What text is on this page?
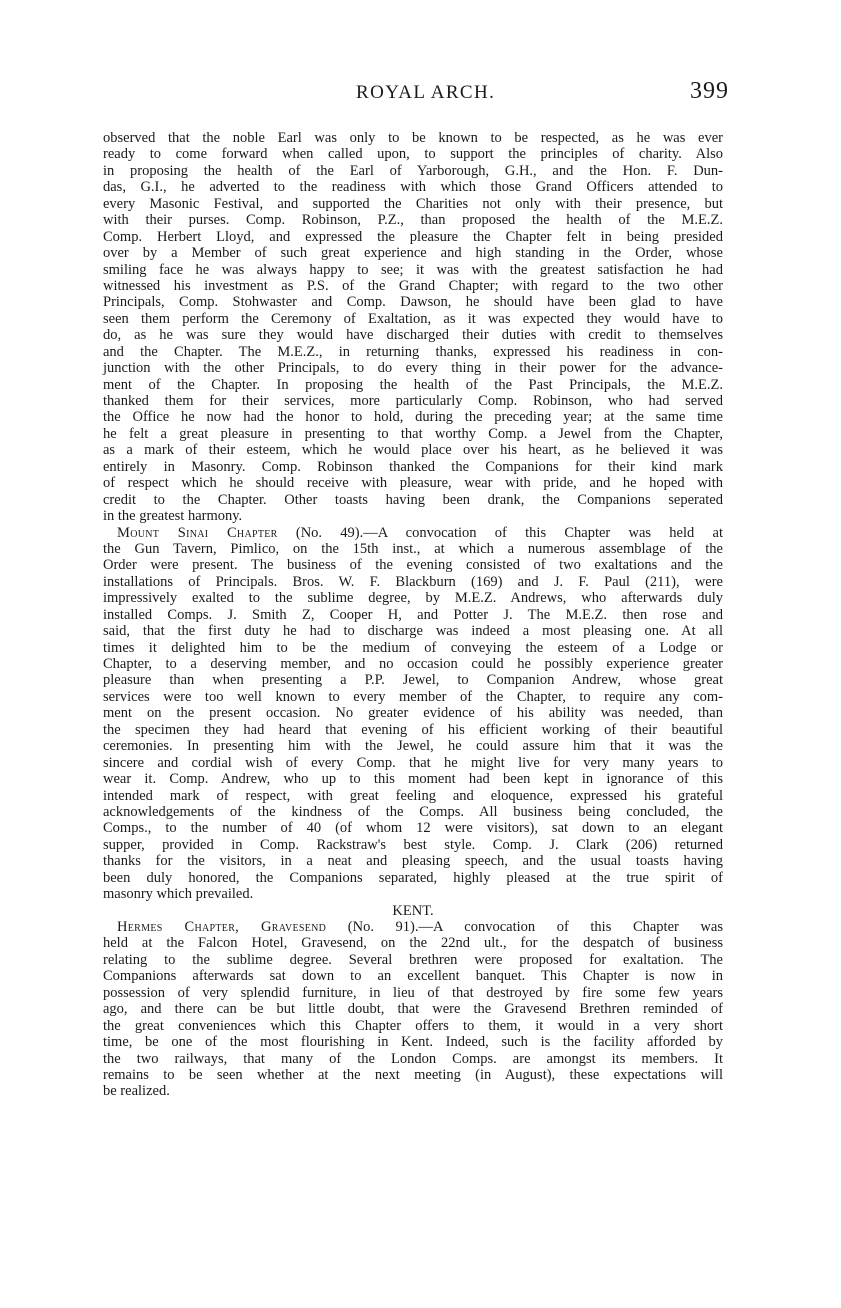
ROYAL ARCH.	399
observed that the noble Earl was only to be known to be respected, as he was ever
ready to come forward when called upon, to support the principles of charity. Also
in proposing the health of the Earl of Yarborough, G.H., and the Hon. F. Dun-
das, G.I., he adverted to the readiness with which those Grand Officers attended to
every Masonic Festival, and supported the Charities not only with their presence, but
with their purses. Comp. Robinson, P.Z., than proposed the health of the M.E.Z.
Comp. Herbert Lloyd, and expressed the pleasure the Chapter felt in being presided
over by a Member of such great experience and high standing in the Order, whose
smiling face he was always happy to see; it was with the greatest satisfaction he had
witnessed his investment as P.S. of the Grand Chapter; with regard to the two other
Principals, Comp. Stohwaster and Comp. Dawson, he should have been glad to have
seen them perform the Ceremony of Exaltation, as it was expected they would have to
do, as he was sure they would have discharged their duties with credit to themselves
and the Chapter. The M.E.Z., in returning thanks, expressed his readiness in con-
junction with the other Principals, to do every thing in their power for the advance-
ment of the Chapter. In proposing the health of the Past Principals, the M.E.Z.
thanked them for their services, more particularly Comp. Robinson, who had served
the Office he now had the honor to hold, during the preceding year; at the same time
he felt a great pleasure in presenting to that worthy Comp. a Jewel from the Chapter,
as a mark of their esteem, which he would place over his heart, as he believed it was
entirely in Masonry. Comp. Robinson thanked the Companions for their kind mark
of respect which he should receive with pleasure, wear with pride, and he hoped with
credit to the Chapter. Other toasts having been drank, the Companions seperated
in the greatest harmony.
Mount Sinai Chapter (No. 49).—A convocation of this Chapter was held at
the Gun Tavern, Pimlico, on the 15th inst., at which a numerous assemblage of the
Order were present. The business of the evening consisted of two exaltations and the
installations of Principals. Bros. W. F. Blackburn (169) and J. F. Paul (211), were
impressively exalted to the sublime degree, by M.E.Z. Andrews, who afterwards duly
installed Comps. J. Smith Z, Cooper H, and Potter J. The M.E.Z. then rose and
said, that the first duty he had to discharge was indeed a most pleasing one. At all
times it delighted him to be the medium of conveying the esteem of a Lodge or
Chapter, to a deserving member, and no occasion could he possibly experience greater
pleasure than when presenting a P.P. Jewel, to Companion Andrew, whose great
services were too well known to every member of the Chapter, to require any com-
ment on the present occasion. No greater evidence of his ability was needed, than
the specimen they had heard that evening of his efficient working of their beautiful
ceremonies. In presenting him with the Jewel, he could assure him that it was the
sincere and cordial wish of every Comp. that he might live for very many years to
wear it. Comp. Andrew, who up to this moment had been kept in ignorance of this
intended mark of respect, with great feeling and eloquence, expressed his grateful
acknowledgements of the kindness of the Comps. All business being concluded, the
Comps., to the number of 40 (of whom 12 were visitors), sat down to an elegant
supper, provided in Comp. Rackstraw's best style. Comp. J. Clark (206) returned
thanks for the visitors, in a neat and pleasing speech, and the usual toasts having
been duly honored, the Companions separated, highly pleased at the true spirit of
masonry which prevailed.
KENT.
Hermes Chapter, Gravesend (No. 91).—A convocation of this Chapter was
held at the Falcon Hotel, Gravesend, on the 22nd ult., for the despatch of business
relating to the sublime degree. Several brethren were proposed for exaltation. The
Companions afterwards sat down to an excellent banquet. This Chapter is now in
possession of very splendid furniture, in lieu of that destroyed by fire some few years
ago, and there can be but little doubt, that were the Gravesend Brethren reminded of
the great conveniences which this Chapter offers to them, it would in a very short
time, be one of the most flourishing in Kent. Indeed, such is the facility afforded by
the two railways, that many of the London Comps. are amongst its members. It
remains to be seen whether at the next meeting (in August), these expectations will
be realized.
